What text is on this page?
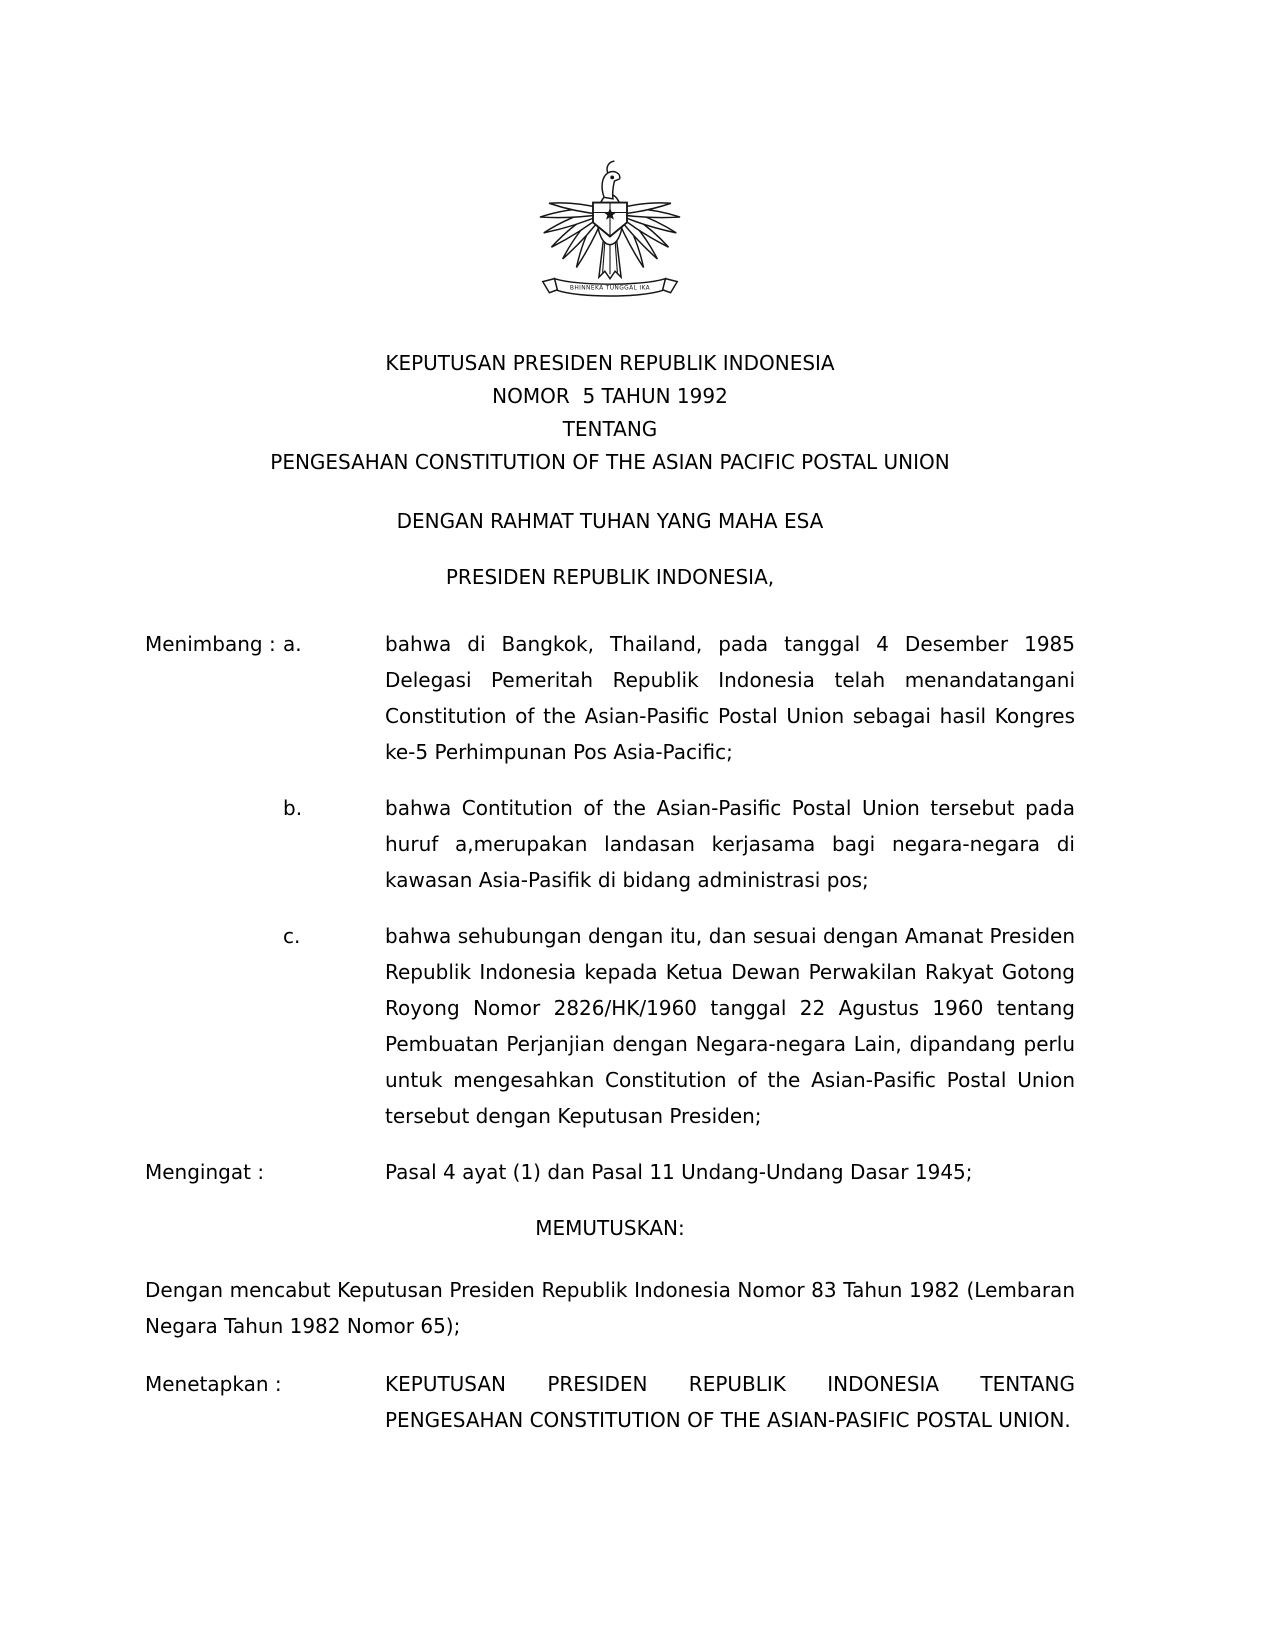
BHINNEKA TUNGGAL IKA
KEPUTUSAN PRESIDEN REPUBLIK INDONESIA
NOMOR  5 TAHUN 1992
TENTANG
PENGESAHAN CONSTITUTION OF THE ASIAN PACIFIC POSTAL UNION
DENGAN RAHMAT TUHAN YANG MAHA ESA
PRESIDEN REPUBLIK INDONESIA,
Menimbang : a.	bahwa di Bangkok, Thailand, pada tanggal 4 Desember 1985 Delegasi Pemeritah Republik Indonesia telah menandatangani Constitution of the Asian-Pasific Postal Union sebagai hasil Kongres ke-5 Perhimpunan Pos Asia-Pacific;
b.	bahwa Contitution of the Asian-Pasific Postal Union tersebut pada huruf a,merupakan landasan kerjasama bagi negara-negara di kawasan Asia-Pasifik di bidang administrasi pos;
c.	bahwa sehubungan dengan itu, dan sesuai dengan Amanat Presiden Republik Indonesia kepada Ketua Dewan Perwakilan Rakyat Gotong Royong Nomor 2826/HK/1960 tanggal 22 Agustus 1960 tentang Pembuatan Perjanjian dengan Negara-negara Lain, dipandang perlu untuk mengesahkan Constitution of the Asian-Pasific Postal Union tersebut dengan Keputusan Presiden;
Mengingat :	Pasal 4 ayat (1) dan Pasal 11 Undang-Undang Dasar 1945;
MEMUTUSKAN:
Dengan mencabut Keputusan Presiden Republik Indonesia Nomor 83 Tahun 1982 (Lembaran Negara Tahun 1982 Nomor 65);
Menetapkan :	KEPUTUSAN PRESIDEN REPUBLIK INDONESIA TENTANG PENGESAHAN CONSTITUTION OF THE ASIAN-PASIFIC POSTAL UNION.
